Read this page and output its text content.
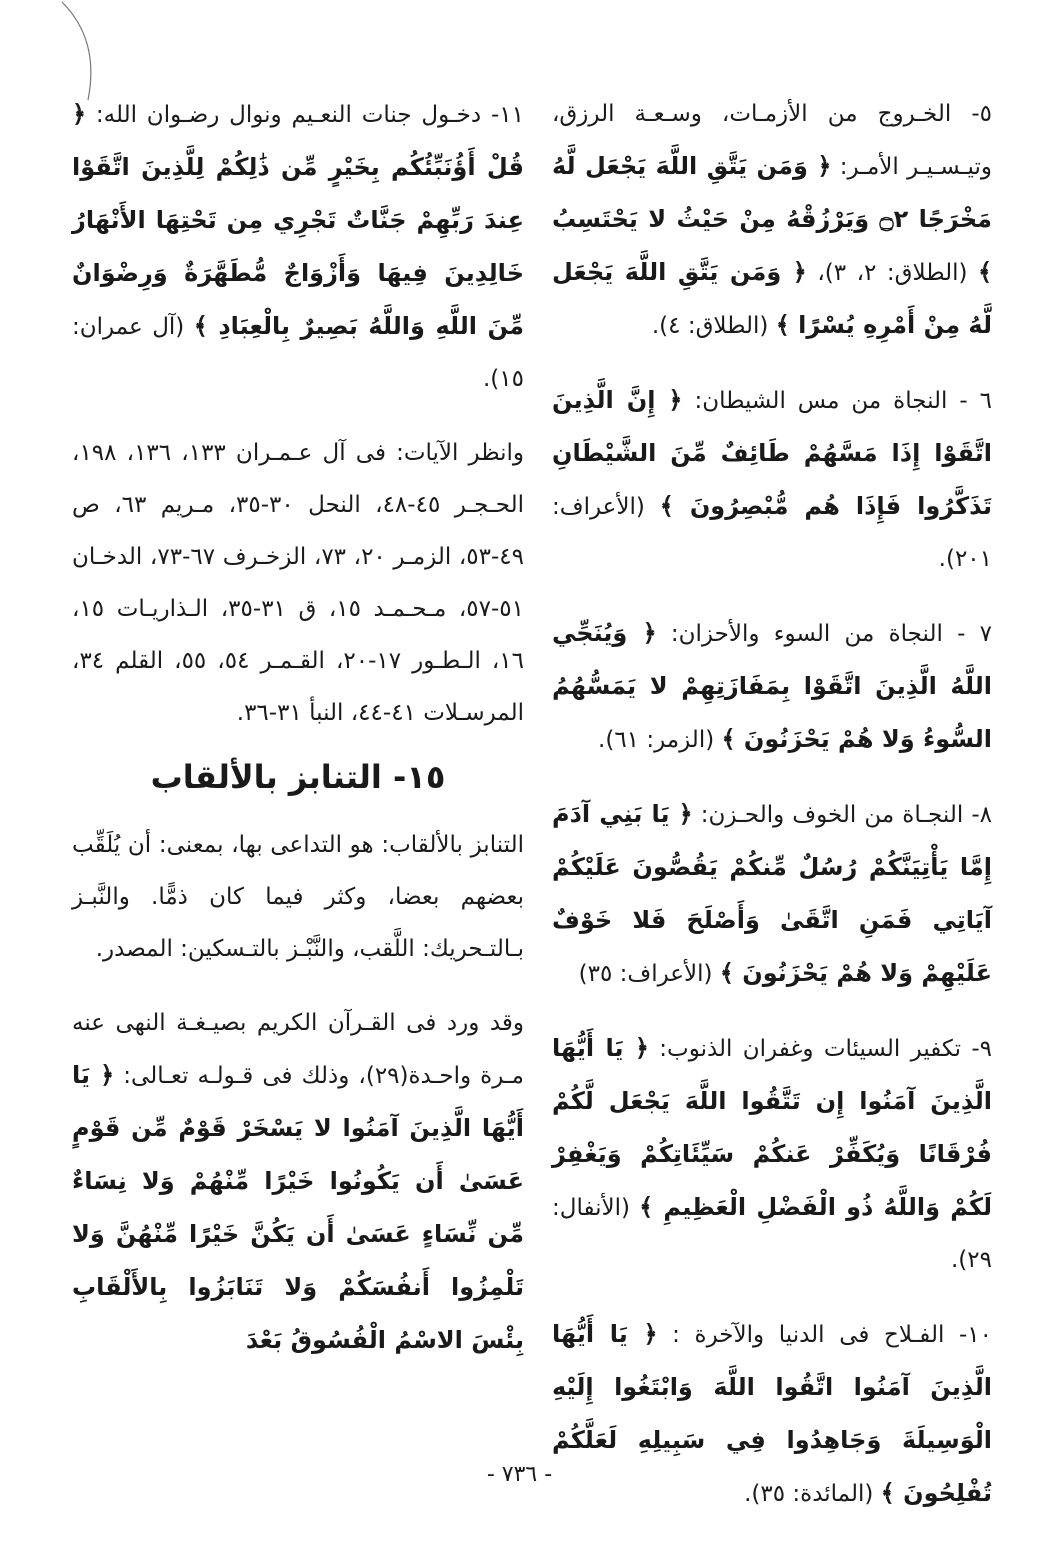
٥- الخـروج من الأزمـات، وسـعـة الرزق، وتيـسـيـر الأمـر: ﴿ وَمَن يَتَّقِ اللَّهَ يَجْعَل لَّهُ مَخْرَجًا ۝٢ وَيَرْزُقْهُ مِنْ حَيْثُ لا يَحْتَسِبُ ﴾ (الطلاق: ٢، ٣)، ﴿ وَمَن يَتَّقِ اللَّهَ يَجْعَل لَّهُ مِنْ أَمْرِهِ يُسْرًا ﴾ (الطلاق: ٤).

٦ - النجاة من مس الشيطان: ﴿ إِنَّ الَّذِينَ اتَّقَوْا إِذَا مَسَّهُمْ طَائِفٌ مِّنَ الشَّيْطَانِ تَذَكَّرُوا فَإِذَا هُم مُّبْصِرُونَ ﴾ (الأعراف: ٢٠١).

٧ - النجاة من السوء والأحزان: ﴿ وَيُنَجِّي اللَّهُ الَّذِينَ اتَّقَوْا بِمَفَازَتِهِمْ لا يَمَسُّهُمُ السُّوءُ وَلا هُمْ يَحْزَنُونَ ﴾ (الزمر: ٦١).

٨- النجـاة من الخوف والحـزن: ﴿ يَا بَنِي آدَمَ إِمَّا يَأْتِيَنَّكُمْ رُسُلٌ مِّنكُمْ يَقُصُّونَ عَلَيْكُمْ آيَاتِي فَمَنِ اتَّقَىٰ وَأَصْلَحَ فَلا خَوْفٌ عَلَيْهِمْ وَلا هُمْ يَحْزَنُونَ ﴾ (الأعراف: ٣٥)

٩- تكفير السيئات وغفران الذنوب: ﴿ يَا أَيُّهَا الَّذِينَ آمَنُوا إِن تَتَّقُوا اللَّهَ يَجْعَل لَّكُمْ فُرْقَانًا وَيُكَفِّرْ عَنكُمْ سَيِّئَاتِكُمْ وَيَغْفِرْ لَكُمْ وَاللَّهُ ذُو الْفَضْلِ الْعَظِيمِ ﴾ (الأنفال: ٢٩).

١٠- الفـلاح فى الدنيا والآخرة : ﴿ يَا أَيُّهَا الَّذِينَ آمَنُوا اتَّقُوا اللَّهَ وَابْتَغُوا إِلَيْهِ الْوَسِيلَةَ وَجَاهِدُوا فِي سَبِيلِهِ لَعَلَّكُمْ تُفْلِحُونَ ﴾ (المائدة: ٣٥).

١١- دخـول جنات النعـيم ونوال رضـوان الله: ﴿ قُلْ أَؤُنَبِّئُكُم بِخَيْرٍ مِّن ذَٰلِكُمْ لِلَّذِينَ اتَّقَوْا عِندَ رَبِّهِمْ جَنَّاتٌ تَجْرِي مِن تَحْتِهَا الأَنْهَارُ خَالِدِينَ فِيهَا وَأَزْوَاجٌ مُّطَهَّرَةٌ وَرِضْوَانٌ مِّنَ اللَّهِ وَاللَّهُ بَصِيرٌ بِالْعِبَادِ ﴾ (آل عمران: ١٥).

وانظر الآيات: فى آل عـمـران ١٣٣، ١٣٦، ١٩٨، الحـجـر ٤٥-٤٨، النحل ٣٠-٣٥، مـريم ٦٣، ص ٤٩-٥٣، الزمـر ٢٠، ٧٣، الزخـرف ٦٧-٧٣، الدخـان ٥١-٥٧، مـحـمـد ١٥، ق ٣١-٣٥، الـذاريـات ١٥، ١٦، الـطـور ١٧-٢٠، القـمـر ٥٤، ٥٥، القلم ٣٤، المرسـلات ٤١-٤٤، النبأ ٣١-٣٦.

١٥- التنابز بالألقاب

التنابز بالألقاب: هو التداعى بها، بمعنى: أن يُلَقِّب بعضهم بعضا، وكثر فيما كان ذمًّا. والنَّبـز بـالتـحريك: اللَّقب، والنَّبْـز بالتـسكين: المصدر.

وقد ورد فى القـرآن الكريم بصيـغـة النهى عنه مـرة واحـدة(٢٩)، وذلك فى قـولـه تعـالى: ﴿ يَا أَيُّهَا الَّذِينَ آمَنُوا لا يَسْخَرْ قَوْمٌ مِّن قَوْمٍ عَسَىٰ أَن يَكُونُوا خَيْرًا مِّنْهُمْ وَلا نِسَاءٌ مِّن نِّسَاءٍ عَسَىٰ أَن يَكُنَّ خَيْرًا مِّنْهُنَّ وَلا تَلْمِزُوا أَنفُسَكُمْ وَلا تَنَابَزُوا بِالأَلْقَابِ بِئْسَ الاسْمُ الْفُسُوقُ بَعْدَ

- ٧٣٦ -
